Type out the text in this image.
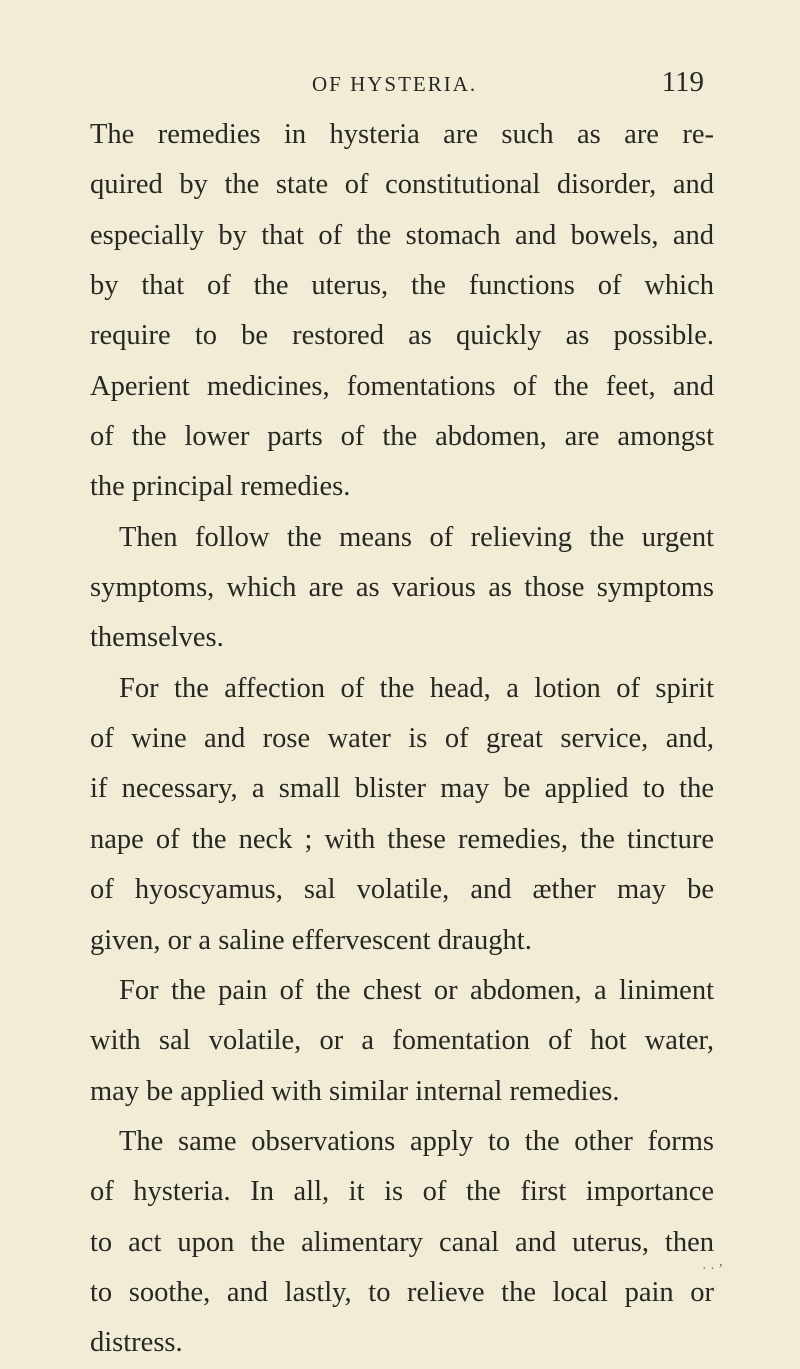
OF HYSTERIA.	119
The remedies in hysteria are such as are re-
quired by the state of constitutional disorder, and
especially by that of the stomach and bowels, and
by that of the uterus, the functions of which
require to be restored as quickly as possible.
Aperient medicines, fomentations of the feet, and
of the lower parts of the abdomen, are amongst
the principal remedies.
Then follow the means of relieving the urgent
symptoms, which are as various as those symptoms
themselves.
For the affection of the head, a lotion of spirit
of wine and rose water is of great service, and,
if necessary, a small blister may be applied to the
nape of the neck ; with these remedies, the tincture
of hyoscyamus, sal volatile, and æther may be
given, or a saline effervescent draught.
For the pain of the chest or abdomen, a liniment
with sal volatile, or a fomentation of hot water,
may be applied with similar internal remedies.
The same observations apply to the other forms
of hysteria. In all, it is of the first importance
to act upon the alimentary canal and uterus, then
to soothe, and lastly, to relieve the local pain or
distress.
· · ʼ
